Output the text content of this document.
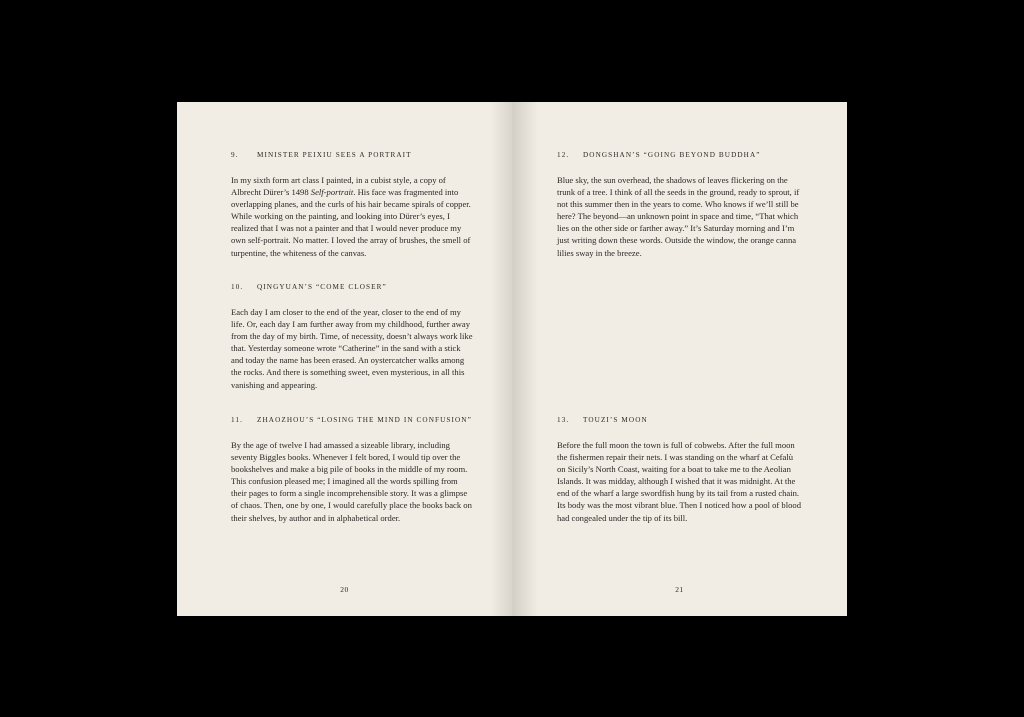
9.	MINISTER PEIXIU SEES A PORTRAIT
In my sixth form art class I painted, in a cubist style, a copy of Albrecht Dürer’s 1498 Self-portrait. His face was fragmented into overlapping planes, and the curls of his hair became spirals of copper. While working on the painting, and looking into Dürer’s eyes, I realized that I was not a painter and that I would never produce my own self-portrait. No matter. I loved the array of brushes, the smell of turpentine, the whiteness of the canvas.
10. QINGYUAN’S “COME CLOSER”
Each day I am closer to the end of the year, closer to the end of my life. Or, each day I am further away from my childhood, further away from the day of my birth. Time, of necessity, doesn’t always work like that. Yesterday someone wrote “Catherine” in the sand with a stick and today the name has been erased. An oystercatcher walks among the rocks. And there is something sweet, even mysterious, in all this vanishing and appearing.
11. ZHAOZHOU’S “LOSING THE MIND IN CONFUSION”
By the age of twelve I had amassed a sizeable library, including seventy Biggles books. Whenever I felt bored, I would tip over the bookshelves and make a big pile of books in the middle of my room. This confusion pleased me; I imagined all the words spilling from their pages to form a single incomprehensible story. It was a glimpse of chaos. Then, one by one, I would carefully place the books back on their shelves, by author and in alphabetical order.
20
12. DONGSHAN’S “GOING BEYOND BUDDHA”
Blue sky, the sun overhead, the shadows of leaves flickering on the trunk of a tree. I think of all the seeds in the ground, ready to sprout, if not this summer then in the years to come. Who knows if we’ll still be here? The beyond—an unknown point in space and time, “That which lies on the other side or farther away.” It’s Saturday morning and I’m just writing down these words. Outside the window, the orange canna lilies sway in the breeze.
13. TOUZI’S MOON
Before the full moon the town is full of cobwebs. After the full moon the fishermen repair their nets. I was standing on the wharf at Cefalù on Sicily’s North Coast, waiting for a boat to take me to the Aeolian Islands. It was midday, although I wished that it was midnight. At the end of the wharf a large swordfish hung by its tail from a rusted chain. Its body was the most vibrant blue. Then I noticed how a pool of blood had congealed under the tip of its bill.
21
